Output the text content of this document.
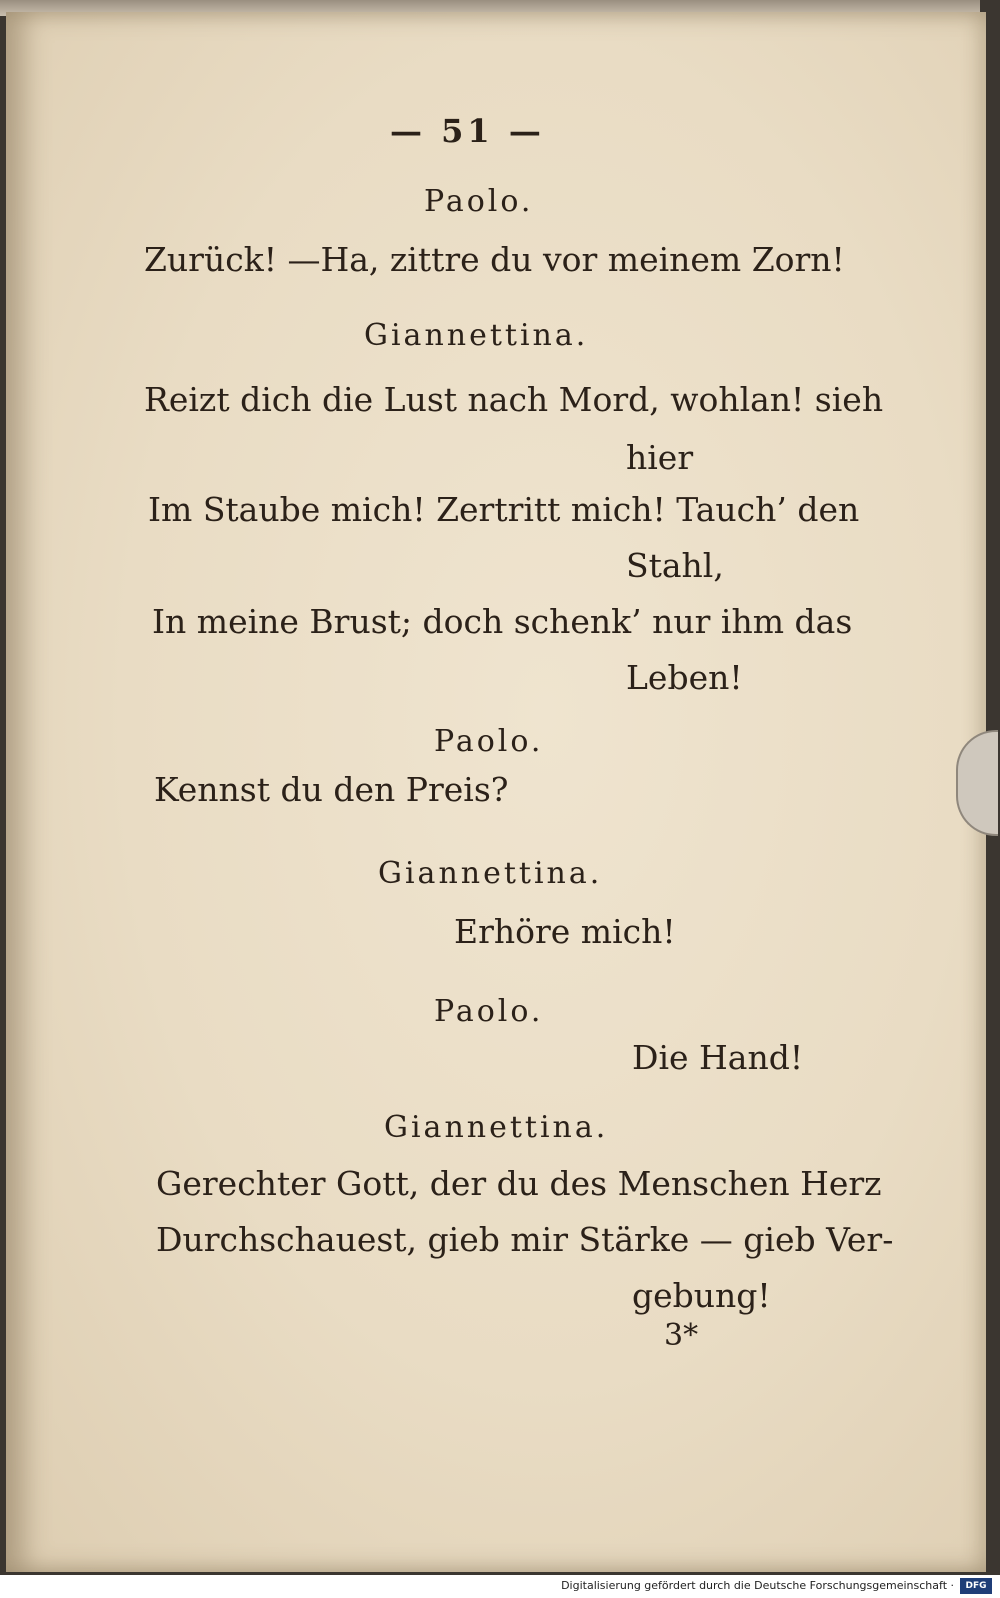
— 51 —
Paolo.
Zurück! —Ha, zittre du vor meinem Zorn!
Giannettina.
Reizt dich die Lust nach Mord, wohlan! sieh
hier
Im Staube mich! Zertritt mich! Tauch’ den
Stahl,
In meine Brust; doch schenk’ nur ihm das
Leben!
Paolo.
Kennst du den Preis?
Giannettina.
Erhöre mich!
Paolo.
Die Hand!
Giannettina.
Gerechter Gott, der du des Menschen Herz
Durchschauest, gieb mir Stärke — gieb Ver-
gebung!
3*
Digitalisierung gefördert durch die Deutsche Forschungsgemeinschaft ·	DFG
